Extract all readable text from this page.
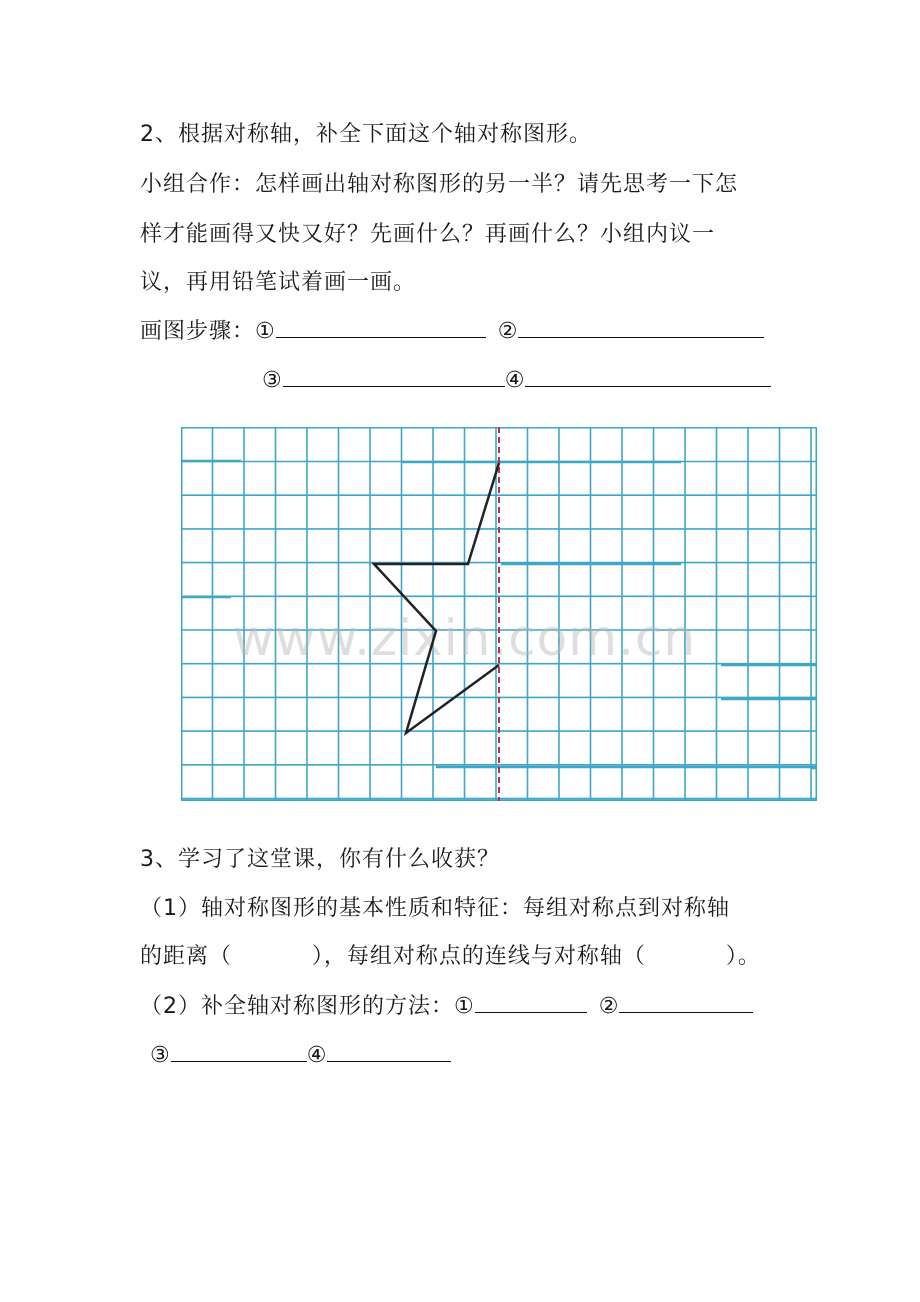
2、根据对称轴，补全下面这个轴对称图形。
小组合作：怎样画出轴对称图形的另一半？请先思考一下怎
样才能画得又快又好？先画什么？再画什么？小组内议一
议，再用铅笔试着画一画。
画图步骤：①	②
③	④
www.zixin.com.cn
3、学习了这堂课，你有什么收获？
（1）轴对称图形的基本性质和特征：每组对称点到对称轴
的距离（          ），每组对称点的连线与对称轴（          ）。
（2）补全轴对称图形的方法：①	②
③	④
